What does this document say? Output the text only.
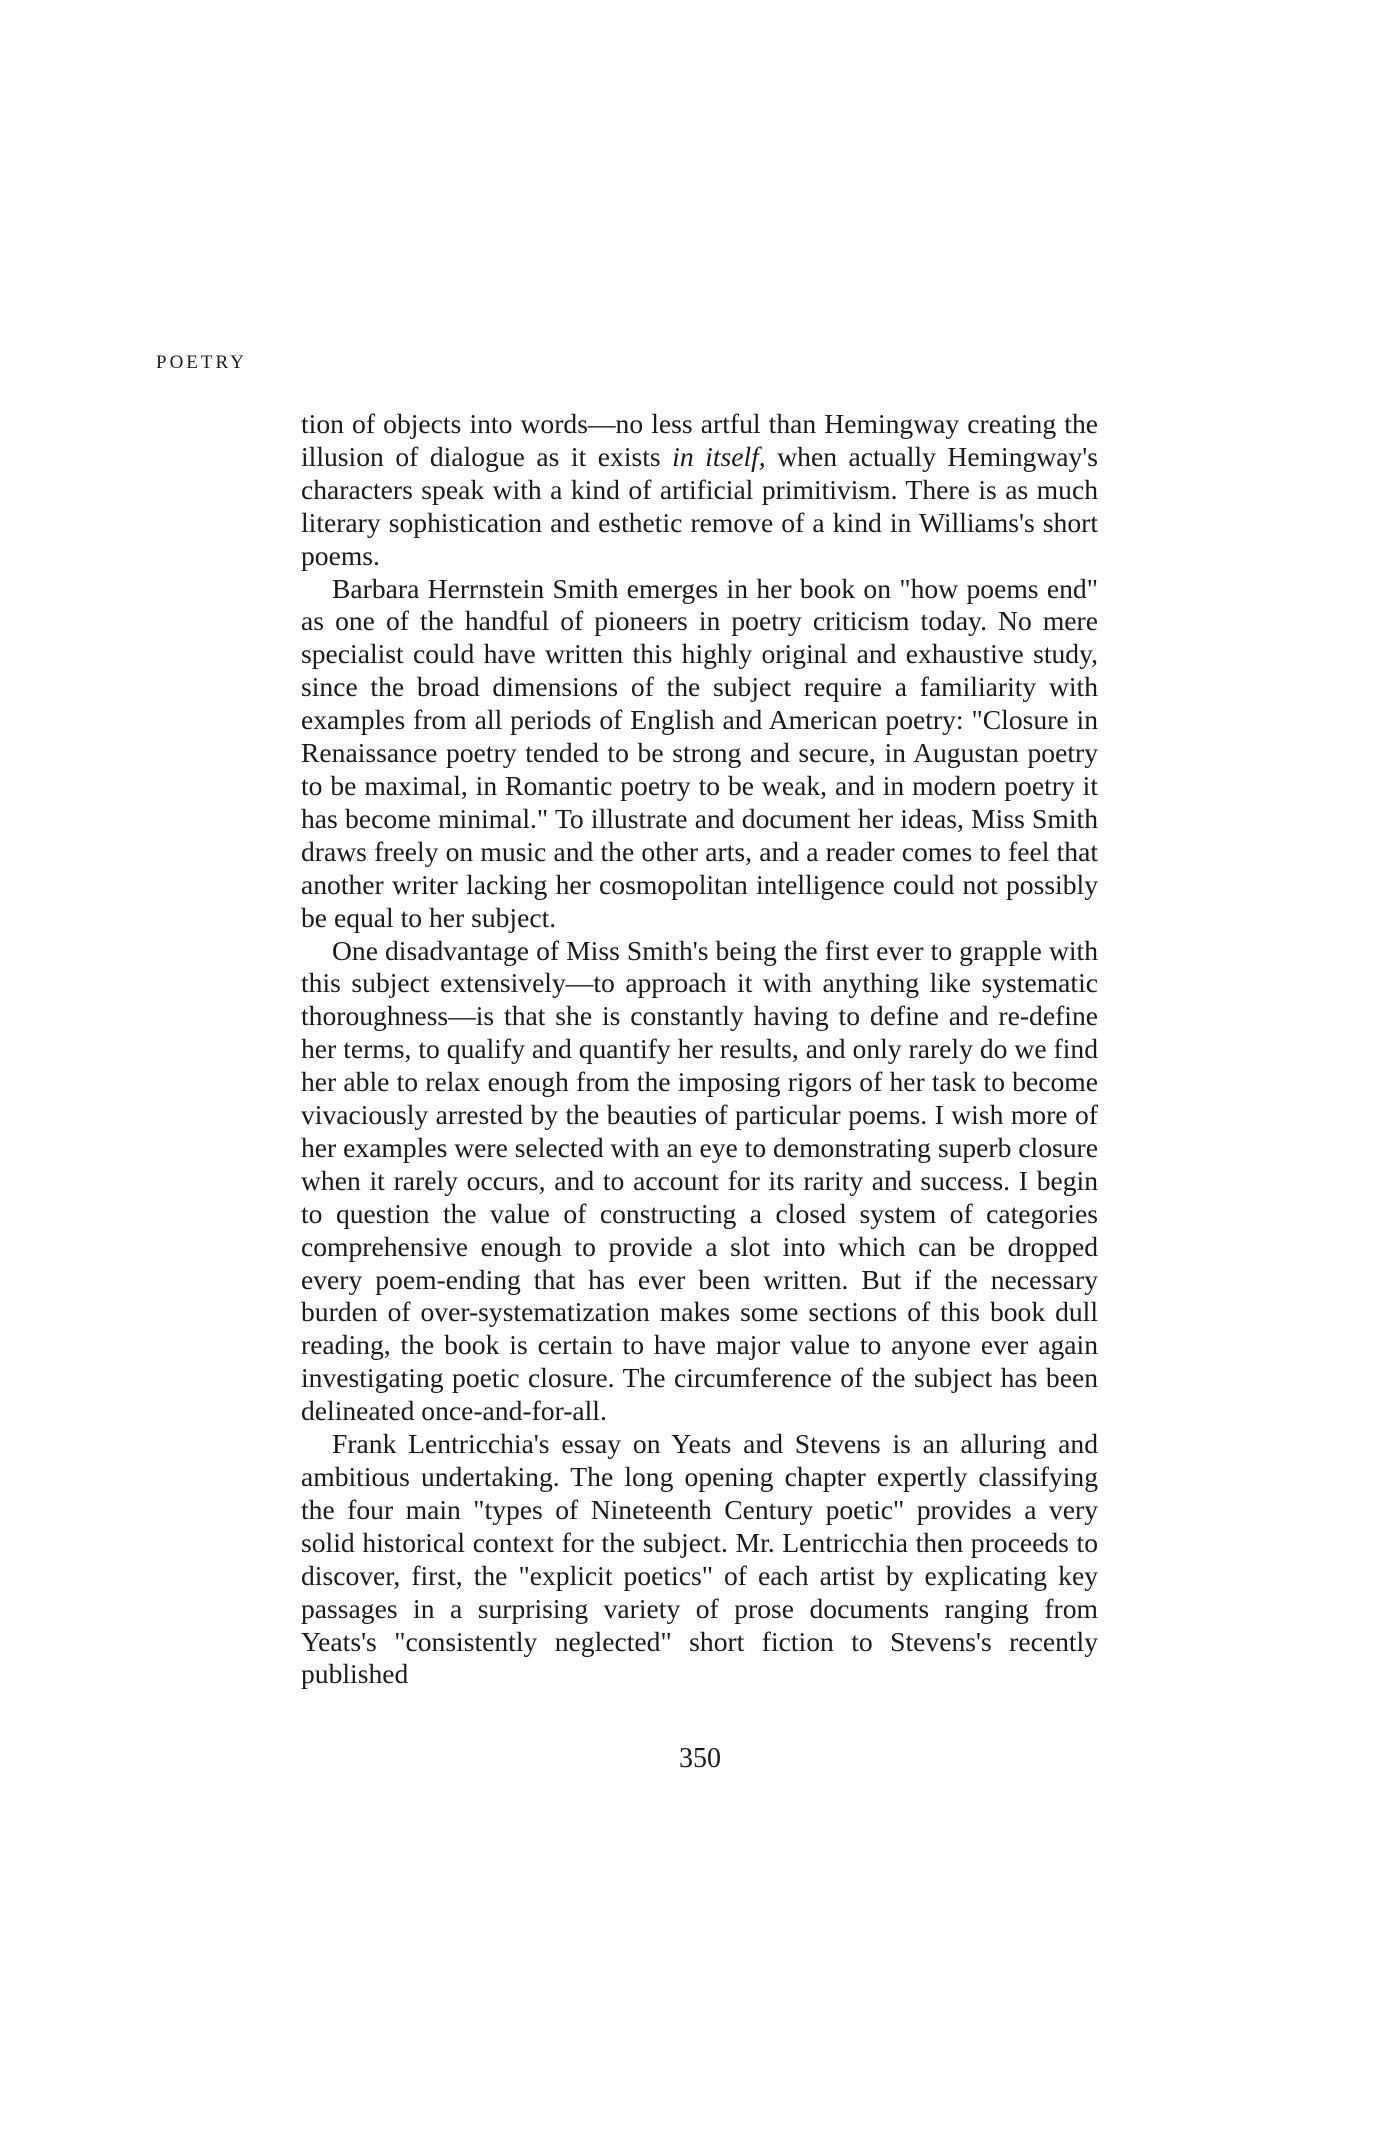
POETRY

tion of objects into words—no less artful than Hemingway creating the illusion of dialogue as it exists in itself, when actually Hemingway's characters speak with a kind of artificial primitivism. There is as much literary sophistication and esthetic remove of a kind in Williams's short poems.

Barbara Herrnstein Smith emerges in her book on "how poems end" as one of the handful of pioneers in poetry criticism today. No mere specialist could have written this highly original and exhaustive study, since the broad dimensions of the subject require a familiarity with examples from all periods of English and American poetry: "Closure in Renaissance poetry tended to be strong and secure, in Augustan poetry to be maximal, in Romantic poetry to be weak, and in modern poetry it has become minimal." To illustrate and document her ideas, Miss Smith draws freely on music and the other arts, and a reader comes to feel that another writer lacking her cosmopolitan intelligence could not possibly be equal to her subject.

One disadvantage of Miss Smith's being the first ever to grapple with this subject extensively—to approach it with anything like systematic thoroughness—is that she is constantly having to define and re-define her terms, to qualify and quantify her results, and only rarely do we find her able to relax enough from the imposing rigors of her task to become vivaciously arrested by the beauties of particular poems. I wish more of her examples were selected with an eye to demonstrating superb closure when it rarely occurs, and to account for its rarity and success. I begin to question the value of constructing a closed system of categories comprehensive enough to provide a slot into which can be dropped every poem-ending that has ever been written. But if the necessary burden of over-systematization makes some sections of this book dull reading, the book is certain to have major value to anyone ever again investigating poetic closure. The circumference of the subject has been delineated once-and-for-all.

Frank Lentricchia's essay on Yeats and Stevens is an alluring and ambitious undertaking. The long opening chapter expertly classifying the four main "types of Nineteenth Century poetic" provides a very solid historical context for the subject. Mr. Lentricchia then proceeds to discover, first, the "explicit poetics" of each artist by explicating key passages in a surprising variety of prose documents ranging from Yeats's "consistently neglected" short fiction to Stevens's recently published

350
